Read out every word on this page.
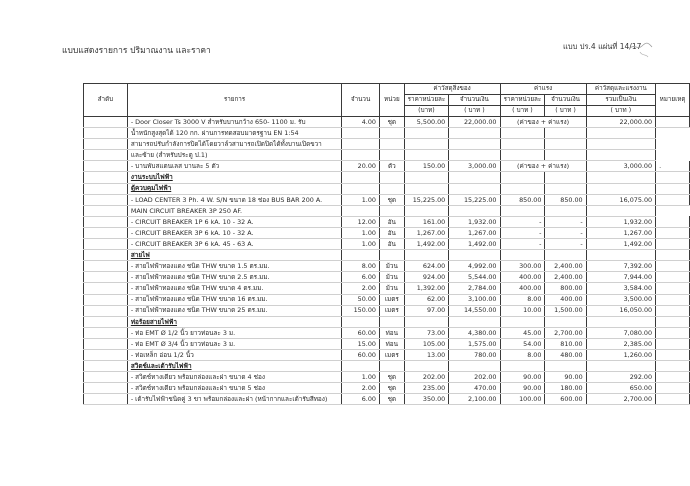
แบบแสดงรายการ ปริมาณงาน และราคา	แบบ ปร.4 แผ่นที่ 14/17
ลำดับ	รายการ	จำนวน	หน่วย	ค่าวัสดุสิ่งของ		ค่าแรง		ค่าวัสดุและแรงงาน	หมายเหตุ
				ราคาหน่วยละ	จำนวนเงิน	ราคาหน่วยละ	จำนวนเงิน	รวมเป็นเงิน	
				(บาท)	( บาท )	( บาท )	( บาท )	( บาท )	
	- Door Closer Ts 3000 V สำหรับบานกว้าง 650- 1100 ม. รับ	4.00	ชุด	5,500.00	22,000.00	(ค่าของ + ค่าแรง)		22,000.00	
	น้ำหนักสูงสุดได้ 120 กก. ผ่านการทดสอบมาตรฐาน EN 1:54								
	สามารถปรับกำลังการปิดได้โดยวาล์วสามารถเปิดปิดได้ทั้งบานเปิดขวา								
	และซ้าย (สำหรับประตู ป.1)								
	- บานพับสแตนเลส บานละ 5 ตัว	20.00	ตัว	150.00	3,000.00	(ค่าของ + ค่าแรง)		3,000.00	.
	งานระบบไฟฟ้า								
	ตู้ควบคุมไฟฟ้า								
	- LOAD CENTER 3 Ph. 4 W. S/N ขนาด 18 ช่อง BUS BAR 200 A.	1.00	ชุด	15,225.00	15,225.00	850.00	850.00	16,075.00	
	MAIN CIRCUIT BREAKER 3P 250 AF.								
	- CIRCUIT BREAKER 1P 6 kA. 10 - 32 A.	12.00	อัน	161.00	1,932.00	-	-	1,932.00	
	- CIRCUIT BREAKER 3P 6 kA. 10 - 32 A.	1.00	อัน	1,267.00	1,267.00	-	-	1,267.00	
	- CIRCUIT BREAKER 3P 6 kA. 45 - 63 A.	1.00	อัน	1,492.00	1,492.00	-	-	1,492.00	
	สายไฟ								
	- สายไฟฟ้าทองแดง ชนิด THW ขนาด 1.5 ตร.มม.	8.00	ม้วน	624.00	4,992.00	300.00	2,400.00	7,392.00	
	- สายไฟฟ้าทองแดง ชนิด THW ขนาด 2.5 ตร.มม.	6.00	ม้วน	924.00	5,544.00	400.00	2,400.00	7,944.00	
	- สายไฟฟ้าทองแดง ชนิด THW ขนาด 4 ตร.มม.	2.00	ม้วน	1,392.00	2,784.00	400.00	800.00	3,584.00	
	- สายไฟฟ้าทองแดง ชนิด THW ขนาด 16 ตร.มม.	50.00	เมตร	62.00	3,100.00	8.00	400.00	3,500.00	
	- สายไฟฟ้าทองแดง ชนิด THW ขนาด 25 ตร.มม.	150.00	เมตร	97.00	14,550.00	10.00	1,500.00	16,050.00	
	ท่อร้อยสายไฟฟ้า								
	- ท่อ EMT Ø 1/2 นิ้ว ยาวท่อนละ 3 ม.	60.00	ท่อน	73.00	4,380.00	45.00	2,700.00	7,080.00	
	- ท่อ EMT Ø 3/4 นิ้ว ยาวท่อนละ 3 ม.	15.00	ท่อน	105.00	1,575.00	54.00	810.00	2,385.00	
	- ท่อเหล็ก อ่อน 1/2 นิ้ว	60.00	เมตร	13.00	780.00	8.00	480.00	1,260.00	
	สวิตช์และเต้ารับไฟฟ้า								
	- สวิตช์ทางเดียว พร้อมกล่องและฝา ขนาด 4 ช่อง	1.00	ชุด	202.00	202.00	90.00	90.00	292.00	
	- สวิตช์ทางเดียว พร้อมกล่องและฝา ขนาด 5 ช่อง	2.00	ชุด	235.00	470.00	90.00	180.00	650.00	
	- เต้ารับไฟฟ้าชนิดคู่ 3 ขา พร้อมกล่องและฝา (หน้ากากและเต้ารับสีทอง)	6.00	ชุด	350.00	2,100.00	100.00	600.00	2,700.00	
